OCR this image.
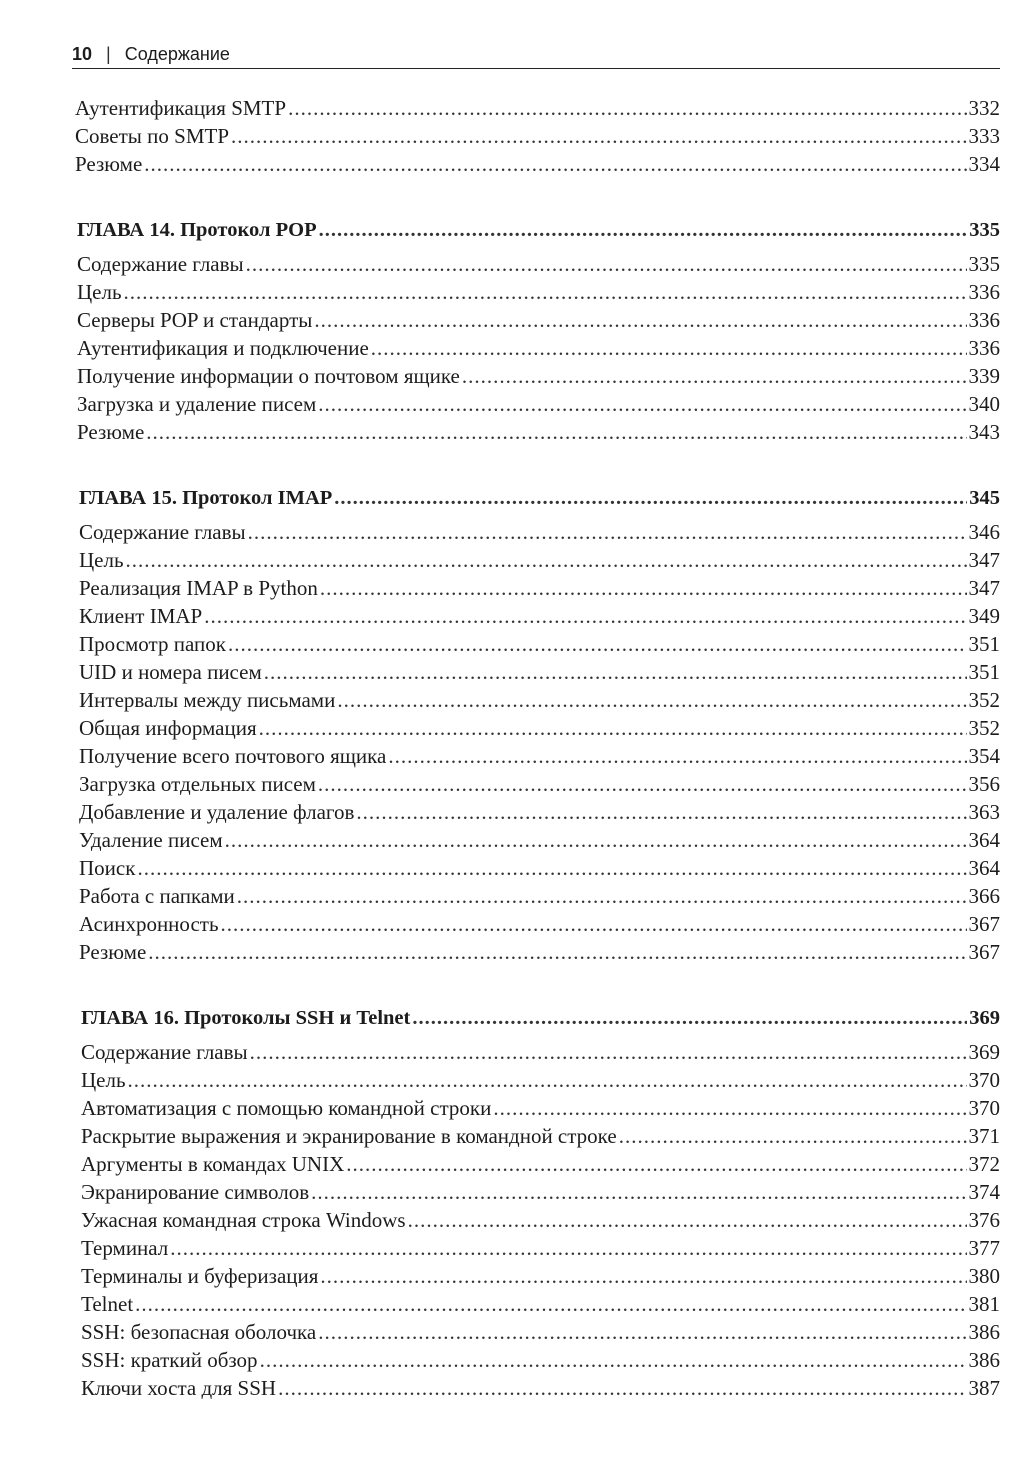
10 | Содержание
Аутентификация SMTP .....	332
Советы по SMTP .....	333
Резюме .....	334
ГЛАВА 14. Протокол POP .....	335
Содержание главы .....	335
Цель .....	336
Серверы POP и стандарты .....	336
Аутентификация и подключение .....	336
Получение информации о почтовом ящике .....	339
Загрузка и удаление писем .....	340
Резюме .....	343
ГЛАВА 15. Протокол IMAP .....	345
Содержание главы .....	346
Цель .....	347
Реализация IMAP в Python .....	347
Клиент IMAP .....	349
Просмотр папок .....	351
UID и номера писем .....	351
Интервалы между письмами .....	352
Общая информация .....	352
Получение всего почтового ящика .....	354
Загрузка отдельных писем .....	356
Добавление и удаление флагов .....	363
Удаление писем .....	364
Поиск .....	364
Работа с папками .....	366
Асинхронность .....	367
Резюме .....	367
ГЛАВА 16. Протоколы SSH и Telnet .....	369
Содержание главы .....	369
Цель .....	370
Автоматизация с помощью командной строки .....	370
Раскрытие выражения и экранирование в командной строке .....	371
Аргументы в командах UNIX .....	372
Экранирование символов .....	374
Ужасная командная строка Windows .....	376
Терминал .....	377
Терминалы и буферизация .....	380
Telnet .....	381
SSH: безопасная оболочка .....	386
SSH: краткий обзор .....	386
Ключи хоста для SSH .....	387
